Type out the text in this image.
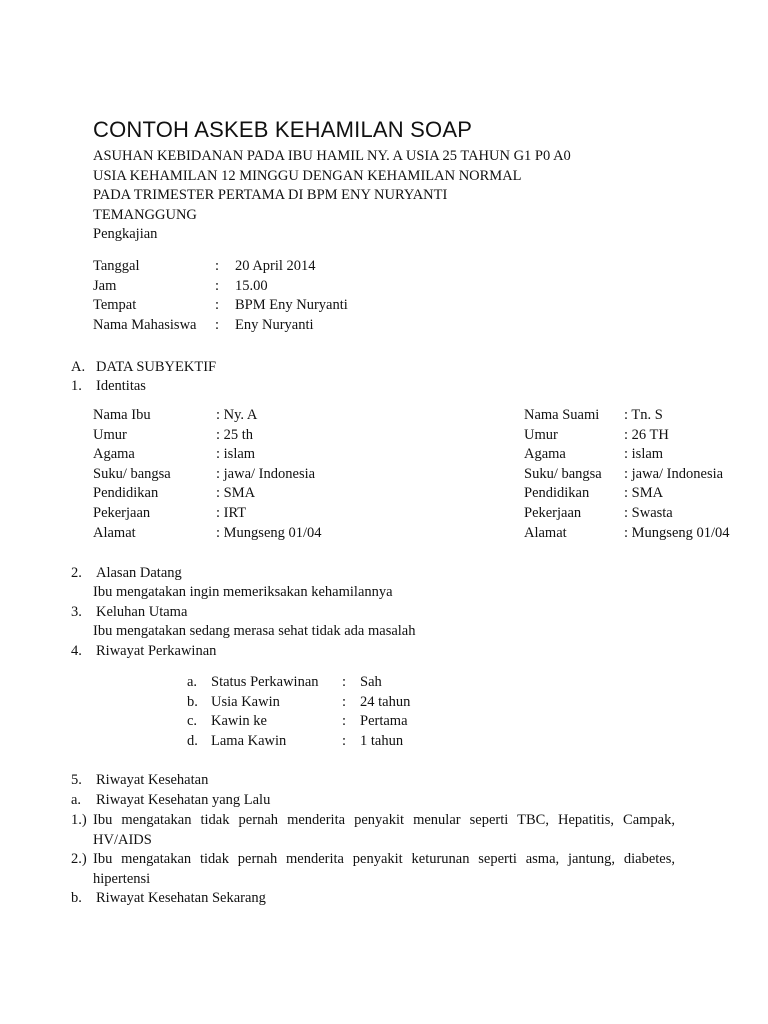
CONTOH ASKEB KEHAMILAN SOAP
ASUHAN KEBIDANAN PADA IBU HAMIL NY. A USIA 25 TAHUN G1 P0 A0
USIA KEHAMILAN 12 MINGGU DENGAN KEHAMILAN NORMAL
PADA TRIMESTER PERTAMA DI BPM ENY NURYANTI
TEMANGGUNG
Pengkajian
Tanggal	:	20 April 2014
Jam	:	15.00
Tempat	:	BPM Eny Nuryanti
Nama Mahasiswa	:	Eny Nuryanti
A. DATA SUBYEKTIF
1. Identitas
Nama Ibu	: Ny. A
Umur	: 25 th
Agama	: islam
Suku/ bangsa	: jawa/ Indonesia
Pendidikan	: SMA
Pekerjaan	: IRT
Alamat	: Mungseng 01/04
Nama Suami	: Tn. S
Umur	: 26 TH
Agama	: islam
Suku/ bangsa	: jawa/ Indonesia
Pendidikan	: SMA
Pekerjaan	: Swasta
Alamat	: Mungseng 01/04
2. Alasan Datang
Ibu mengatakan ingin memeriksakan kehamilannya
3. Keluhan Utama
Ibu mengatakan sedang merasa sehat tidak ada masalah
4. Riwayat Perkawinan
a. Status Perkawinan	: Sah
b. Usia Kawin	: 24 tahun
c. Kawin ke	: Pertama
d. Lama Kawin	: 1 tahun
5. Riwayat Kesehatan
a. Riwayat Kesehatan yang Lalu
1.) Ibu mengatakan tidak pernah menderita penyakit menular seperti TBC, Hepatitis, Campak,
HV/AIDS
2.) Ibu mengatakan tidak pernah menderita penyakit keturunan seperti asma, jantung, diabetes,
hipertensi
b. Riwayat Kesehatan Sekarang
